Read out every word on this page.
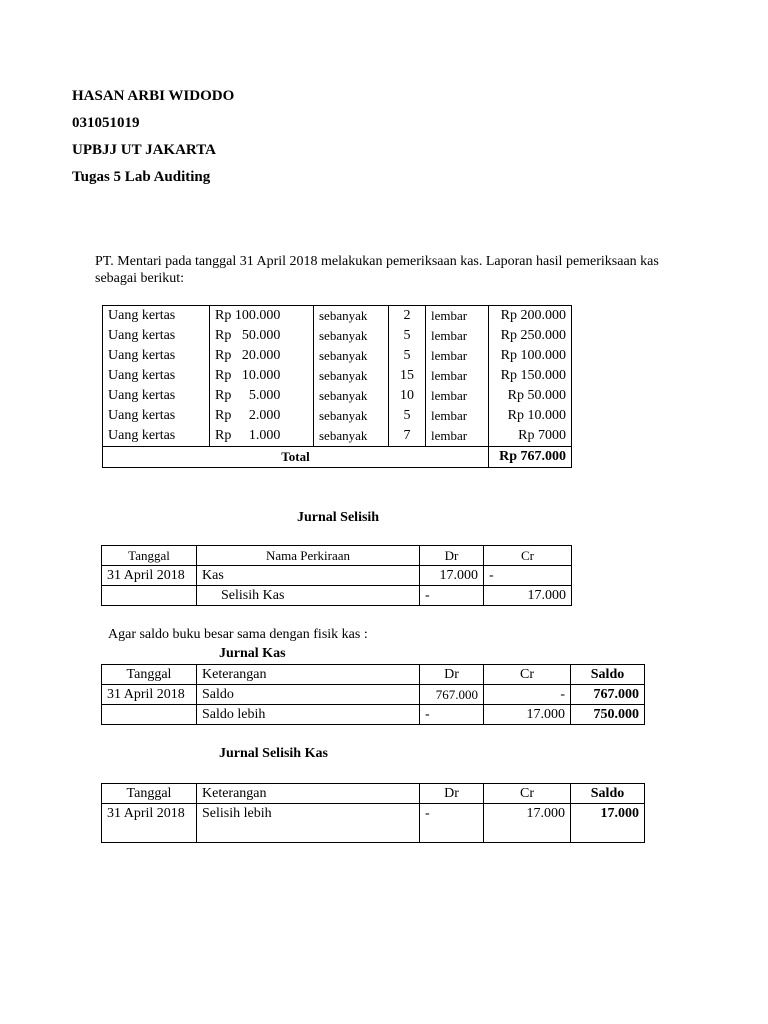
HASAN ARBI WIDODO
031051019
UPBJJ UT JAKARTA
Tugas 5 Lab Auditing
PT. Mentari pada tanggal 31 April 2018 melakukan pemeriksaan kas. Laporan hasil pemeriksaan kas sebagai berikut:
Uang kertas	Rp 100.000	sebanyak	2	lembar	Rp 200.000
Uang kertas	Rp   50.000	sebanyak	5	lembar	Rp 250.000
Uang kertas	Rp   20.000	sebanyak	5	lembar	Rp 100.000
Uang kertas	Rp   10.000	sebanyak	15	lembar	Rp 150.000
Uang kertas	Rp     5.000	sebanyak	10	lembar	Rp 50.000
Uang kertas	Rp     2.000	sebanyak	5	lembar	Rp 10.000
Uang kertas	Rp     1.000	sebanyak	7	lembar	Rp 7000
Total					Rp 767.000
Jurnal Selisih
Tanggal	Nama Perkiraan	Dr	Cr
31 April 2018	Kas	17.000	-
	Selisih Kas	-	17.000
Agar saldo buku besar sama dengan fisik kas :
Jurnal Kas
Tanggal	Keterangan	Dr	Cr	Saldo
31 April 2018	Saldo	767.000	-	767.000
	Saldo lebih	-	17.000	750.000
Jurnal Selisih Kas
Tanggal	Keterangan	Dr	Cr	Saldo
31 April 2018	Selisih lebih	-	17.000	17.000
